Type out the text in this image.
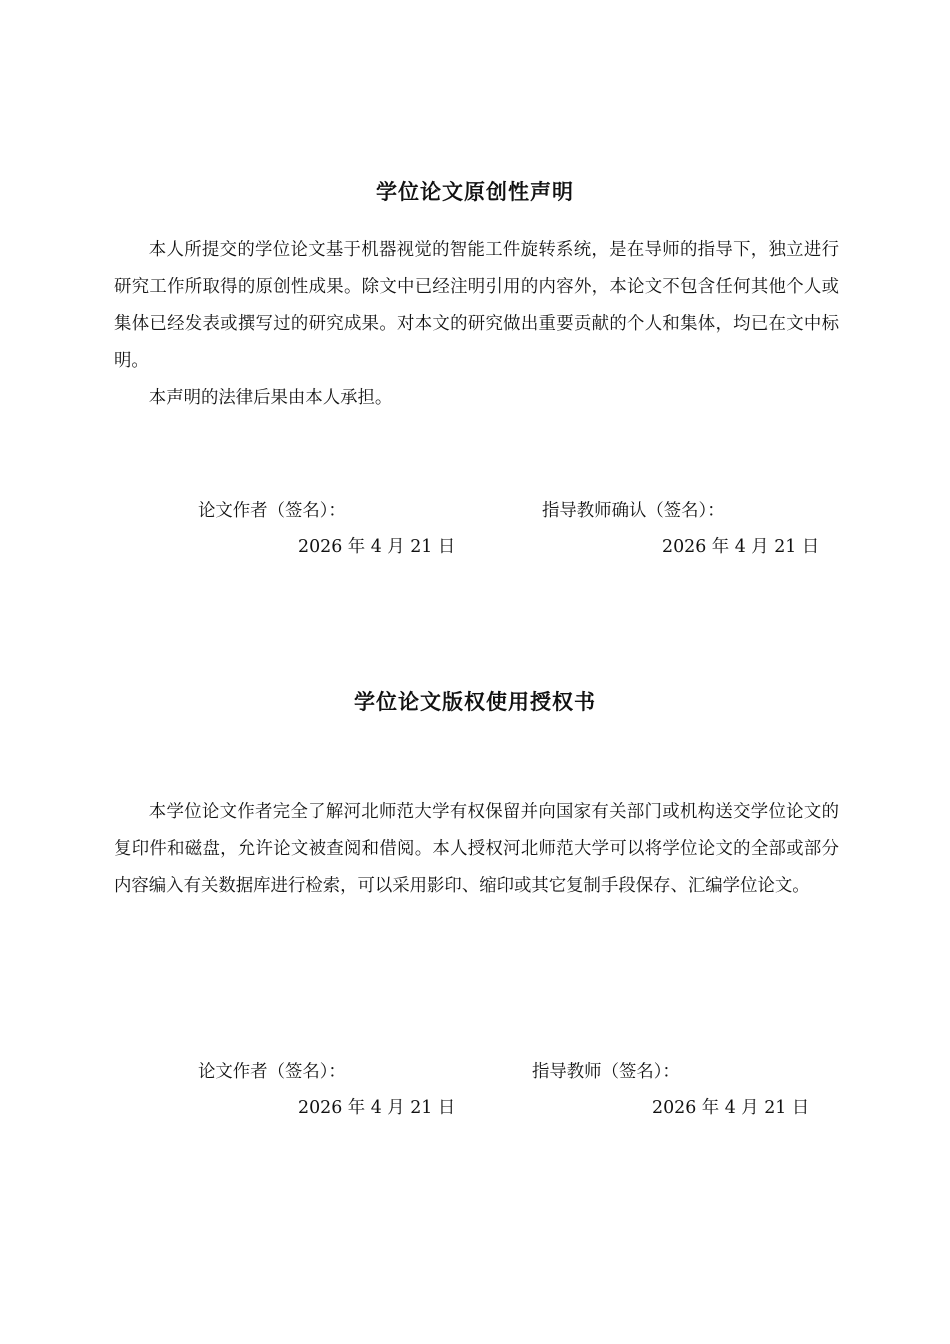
学位论文原创性声明
本人所提交的学位论文基于机器视觉的智能工件旋转系统，是在导师的指导下，独立进行研究工作所取得的原创性成果。除文中已经注明引用的内容外，本论文不包含任何其他个人或集体已经发表或撰写过的研究成果。对本文的研究做出重要贡献的个人和集体，均已在文中标明。
本声明的法律后果由本人承担。
论文作者（签名）：
2026 年 4 月 21 日
指导教师确认（签名）：
2026 年 4 月 21 日
学位论文版权使用授权书
本学位论文作者完全了解河北师范大学有权保留并向国家有关部门或机构送交学位论文的复印件和磁盘，允许论文被查阅和借阅。本人授权河北师范大学可以将学位论文的全部或部分内容编入有关数据库进行检索，可以采用影印、缩印或其它复制手段保存、汇编学位论文。
论文作者（签名）：
2026 年 4 月 21 日
指导教师（签名）：
2026 年 4 月 21 日
